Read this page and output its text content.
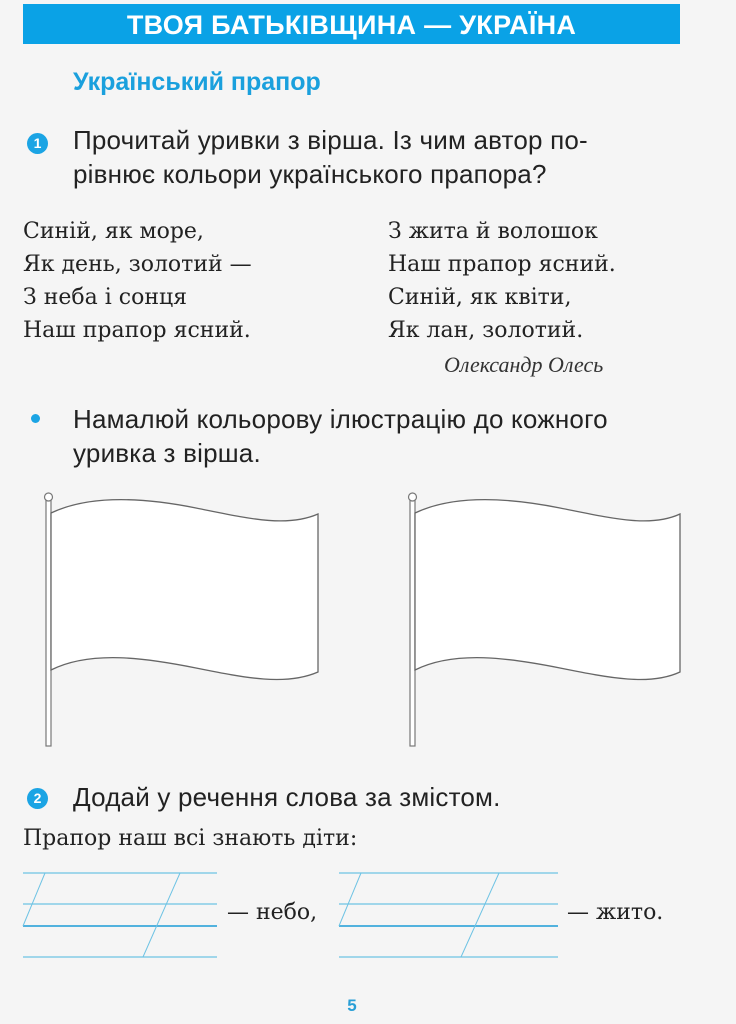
ТВОЯ БАТЬКІВЩИНА — УКРАЇНА
Український прапор
1 Прочитай уривки з вірша. Із чим автор по-
рівнює кольори українського прапора?
Синій, як море,
Як день, золотий —
З неба і сонця
Наш прапор ясний.
З жита й волошок
Наш прапор ясний.
Синій, як квіти,
Як лан, золотий.
Олександр Олесь
Намалюй кольорову ілюстрацію до кожного
уривка з вірша.
2 Додай у речення слова за змістом.
Прапор наш всі знають діти:
— небо,	— жито.
5
